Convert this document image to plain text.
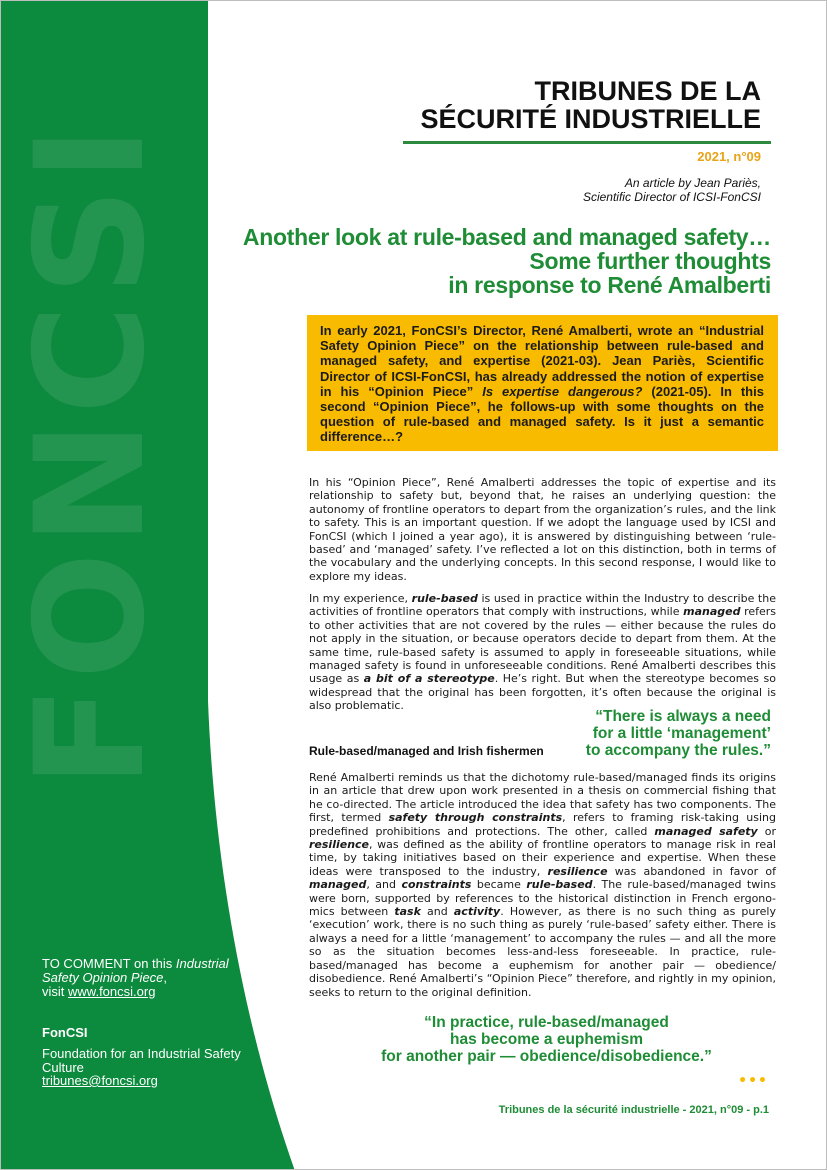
FONCSI
TRIBUNES DE LA
SÉCURITÉ INDUSTRIELLE
2021, n°09
An article by Jean Pariès,
Scientific Director of ICSI-FonCSI
Another look at rule-based and managed safety…
Some further thoughts
in response to René Amalberti
In early 2021, FonCSI’s Director, René Amalberti, wrote an “Industrial Safety Opinion Piece” on the relationship between rule-based and managed safety, and expertise (2021-03). Jean Pariès, Scientific Director of ICSI-FonCSI, has already addressed the notion of expertise in his “Opinion Piece” Is expertise dangerous? (2021-05). In this second “Opinion Piece”, he follows-up with some thoughts on the question of rule-based and managed safety. Is it just a semantic difference…?

In his “Opinion Piece”, René Amalberti addresses the topic of expertise and its relationship to safety but, beyond that, he raises an underlying question: the autonomy of frontline operators to depart from the organization’s rules, and the link to safety. This is an important question. If we adopt the language used by ICSI and FonCSI (which I joined a year ago), it is answered by distinguishing between ‘rule-based’ and ‘managed’ safety. I’ve reflected a lot on this distinction, both in terms of the vocabulary and the underlying concepts. In this second response, I would like to explore my ideas.

In my experience, rule-based is used in practice within the Industry to describe the activities of frontline operators that comply with instructions, while managed refers to other activities that are not covered by the rules — either because the rules do not apply in the situation, or because operators decide to depart from them. At the same time, rule-based safety is assumed to apply in foreseeable situations, while managed safety is found in unforeseeable conditions. René Amalberti describes this usage as a bit of a stereotype. He’s right. But when the stereotype becomes so widespread that the original has been forgotten, it’s often because the original is also problematic.

“There is always a need
for a little ‘management’
to accompany the rules.”
Rule-based/managed and Irish fishermen

René Amalberti reminds us that the dichotomy rule-based/managed finds its origins in an article that drew upon work presented in a thesis on commercial fishing that he co-directed. The article introduced the idea that safety has two components. The first, termed safety through constraints, refers to framing risk-taking using predefined prohibitions and protections. The other, called managed safety or resilience, was defined as the ability of frontline operators to manage risk in real time, by taking initiatives based on their experience and expertise. When these ideas were transposed to the industry, resilience was abandoned in favor of managed, and constraints became rule-based. The rule-based/managed twins were born, supported by references to the historical distinction in French ergonomics between task and activity. However, as there is no such thing as purely ‘execution’ work, there is no such thing as purely ‘rule-based’ safety either. There is always a need for a little ‘management’ to accompany the rules — and all the more so as the situation becomes less-and-less foreseeable. In practice, rule-based/managed has become a euphemism for another pair — obedience/ disobedience. René Amalberti’s “Opinion Piece” therefore, and rightly in my opinion, seeks to return to the original definition.

“In practice, rule-based/managed
has become a euphemism
for another pair — obedience/disobedience.”
•••
Tribunes de la sécurité industrielle - 2021, n°09 - p.1
TO COMMENT on this Industrial Safety Opinion Piece,
visit www.foncsi.org
FonCSI
Foundation for an Industrial Safety Culture
tribunes@foncsi.org
